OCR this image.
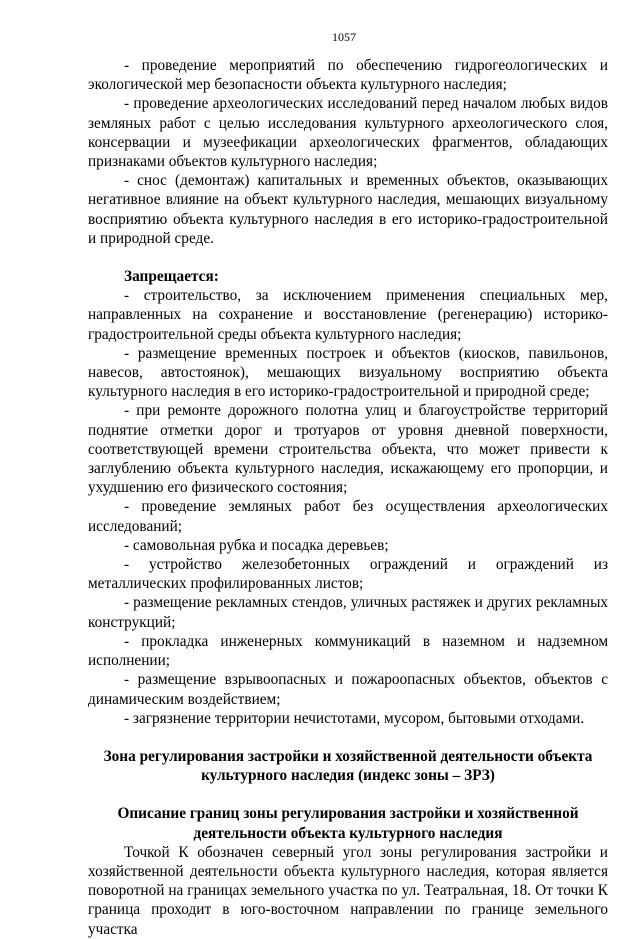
1057

- проведение мероприятий по обеспечению гидрогеологических и экологической мер безопасности объекта культурного наследия;

- проведение археологических исследований перед началом любых видов земляных работ с целью исследования культурного археологического слоя, консервации и музеефикации археологических фрагментов, обладающих признаками объектов культурного наследия;

- снос (демонтаж) капитальных и временных объектов, оказывающих негативное влияние на объект культурного наследия, мешающих визуальному восприятию объекта культурного наследия в его историко-градостроительной и природной среде.

Запрещается:

- строительство, за исключением применения специальных мер, направленных на сохранение и восстановление (регенерацию) историко-градостроительной среды объекта культурного наследия;

- размещение временных построек и объектов (киосков, павильонов, навесов, автостоянок), мешающих визуальному восприятию объекта культурного наследия в его историко-градостроительной и природной среде;

- при ремонте дорожного полотна улиц и благоустройстве территорий поднятие отметки дорог и тротуаров от уровня дневной поверхности, соответствующей времени строительства объекта, что может привести к заглублению объекта культурного наследия, искажающему его пропорции, и ухудшению его физического состояния;

- проведение земляных работ без осуществления археологических исследований;

- самовольная рубка и посадка деревьев;

- устройство железобетонных ограждений и ограждений из металлических профилированных листов;

- размещение рекламных стендов, уличных растяжек и других рекламных конструкций;

- прокладка инженерных коммуникаций в наземном и надземном исполнении;

- размещение взрывоопасных и пожароопасных объектов, объектов с динамическим воздействием;

- загрязнение территории нечистотами, мусором, бытовыми отходами.

Зона регулирования застройки и хозяйственной деятельности объекта культурного наследия (индекс зоны – ЗРЗ)

Описание границ зоны регулирования застройки и хозяйственной деятельности объекта культурного наследия

Точкой К обозначен северный угол зоны регулирования застройки и хозяйственной деятельности объекта культурного наследия, которая является поворотной на границах земельного участка по ул. Театральная, 18. От точки К граница проходит в юго-восточном направлении по границе земельного участка
